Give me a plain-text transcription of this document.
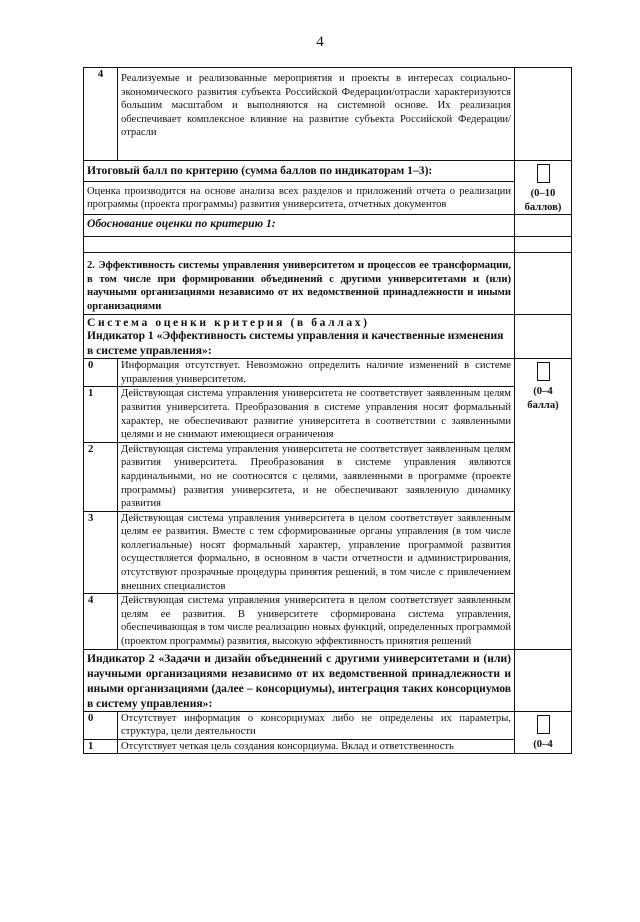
4
4	Реализуемые и реализованные мероприятия и проекты в интересах социально-экономического развития субъекта Российской Федерации/отрасли характеризуются большим масштабом и выполняются на системной основе. Их реализация обеспечивает комплексное влияние на развитие субъекта Российской Федерации/отрасли	

Итоговый балл по критерию (сумма баллов по индикаторам 1–3):
Оценка производится на основе анализа всех разделов и приложений отчета о реализации программы (проекта программы) развития университета, отчетных документов		(0–10 баллов)
Обоснование оценки по критерию 1:		

2. Эффективность системы управления университетом и процессов ее трансформации, в том числе при формировании объединений с другими университетами и (или) научными организациями независимо от их ведомственной принадлежности и иными организациями		

Система оценки критерия (в баллах)
Индикатор 1 «Эффективность системы управления и качественные изменения в системе управления»:		

0	Информация отсутствует. Невозможно определить наличие изменений в системе управления университетом.	(0–4 балла)
1	Действующая система управления университета не соответствует заявленным целям развития университета. Преобразования в системе управления носят формальный характер, не обеспечивают развитие университета в соответствии с заявленными целями и не снимают имеющиеся ограничения	
2	Действующая система управления университета не соответствует заявленным целям развития университета. Преобразования в системе управления являются кардинальными, но не соотносятся с целями, заявленными в программе (проекте программы) развития университета, и не обеспечивают заявленную динамику развития	
3	Действующая система управления университета в целом соответствует заявленным целям ее развития. Вместе с тем сформированные органы управления (в том числе коллегиальные) носят формальный характер, управление программой развития осуществляется формально, в основном в части отчетности и администрирования, отсутствуют прозрачные процедуры принятия решений, в том числе с привлечением внешних специалистов	
4	Действующая система управления университета в целом соответствует заявленным целям ее развития. В университете сформирована система управления, обеспечивающая в том числе реализацию новых функций, определенных программой (проектом программы) развития, высокую эффективность принятия решений	
Индикатор 2 «Задачи и дизайн объединений с другими университетами и (или) научными организациями независимо от их ведомственной принадлежности и иными организациями (далее – консорциумы), интеграция таких консорциумов в систему управления»:		
0	Отсутствует информация о консорциумах либо не определены их параметры, структура, цели деятельности	(0–4
1	Отсутствует четкая цель создания консорциума. Вклад и ответственность	
